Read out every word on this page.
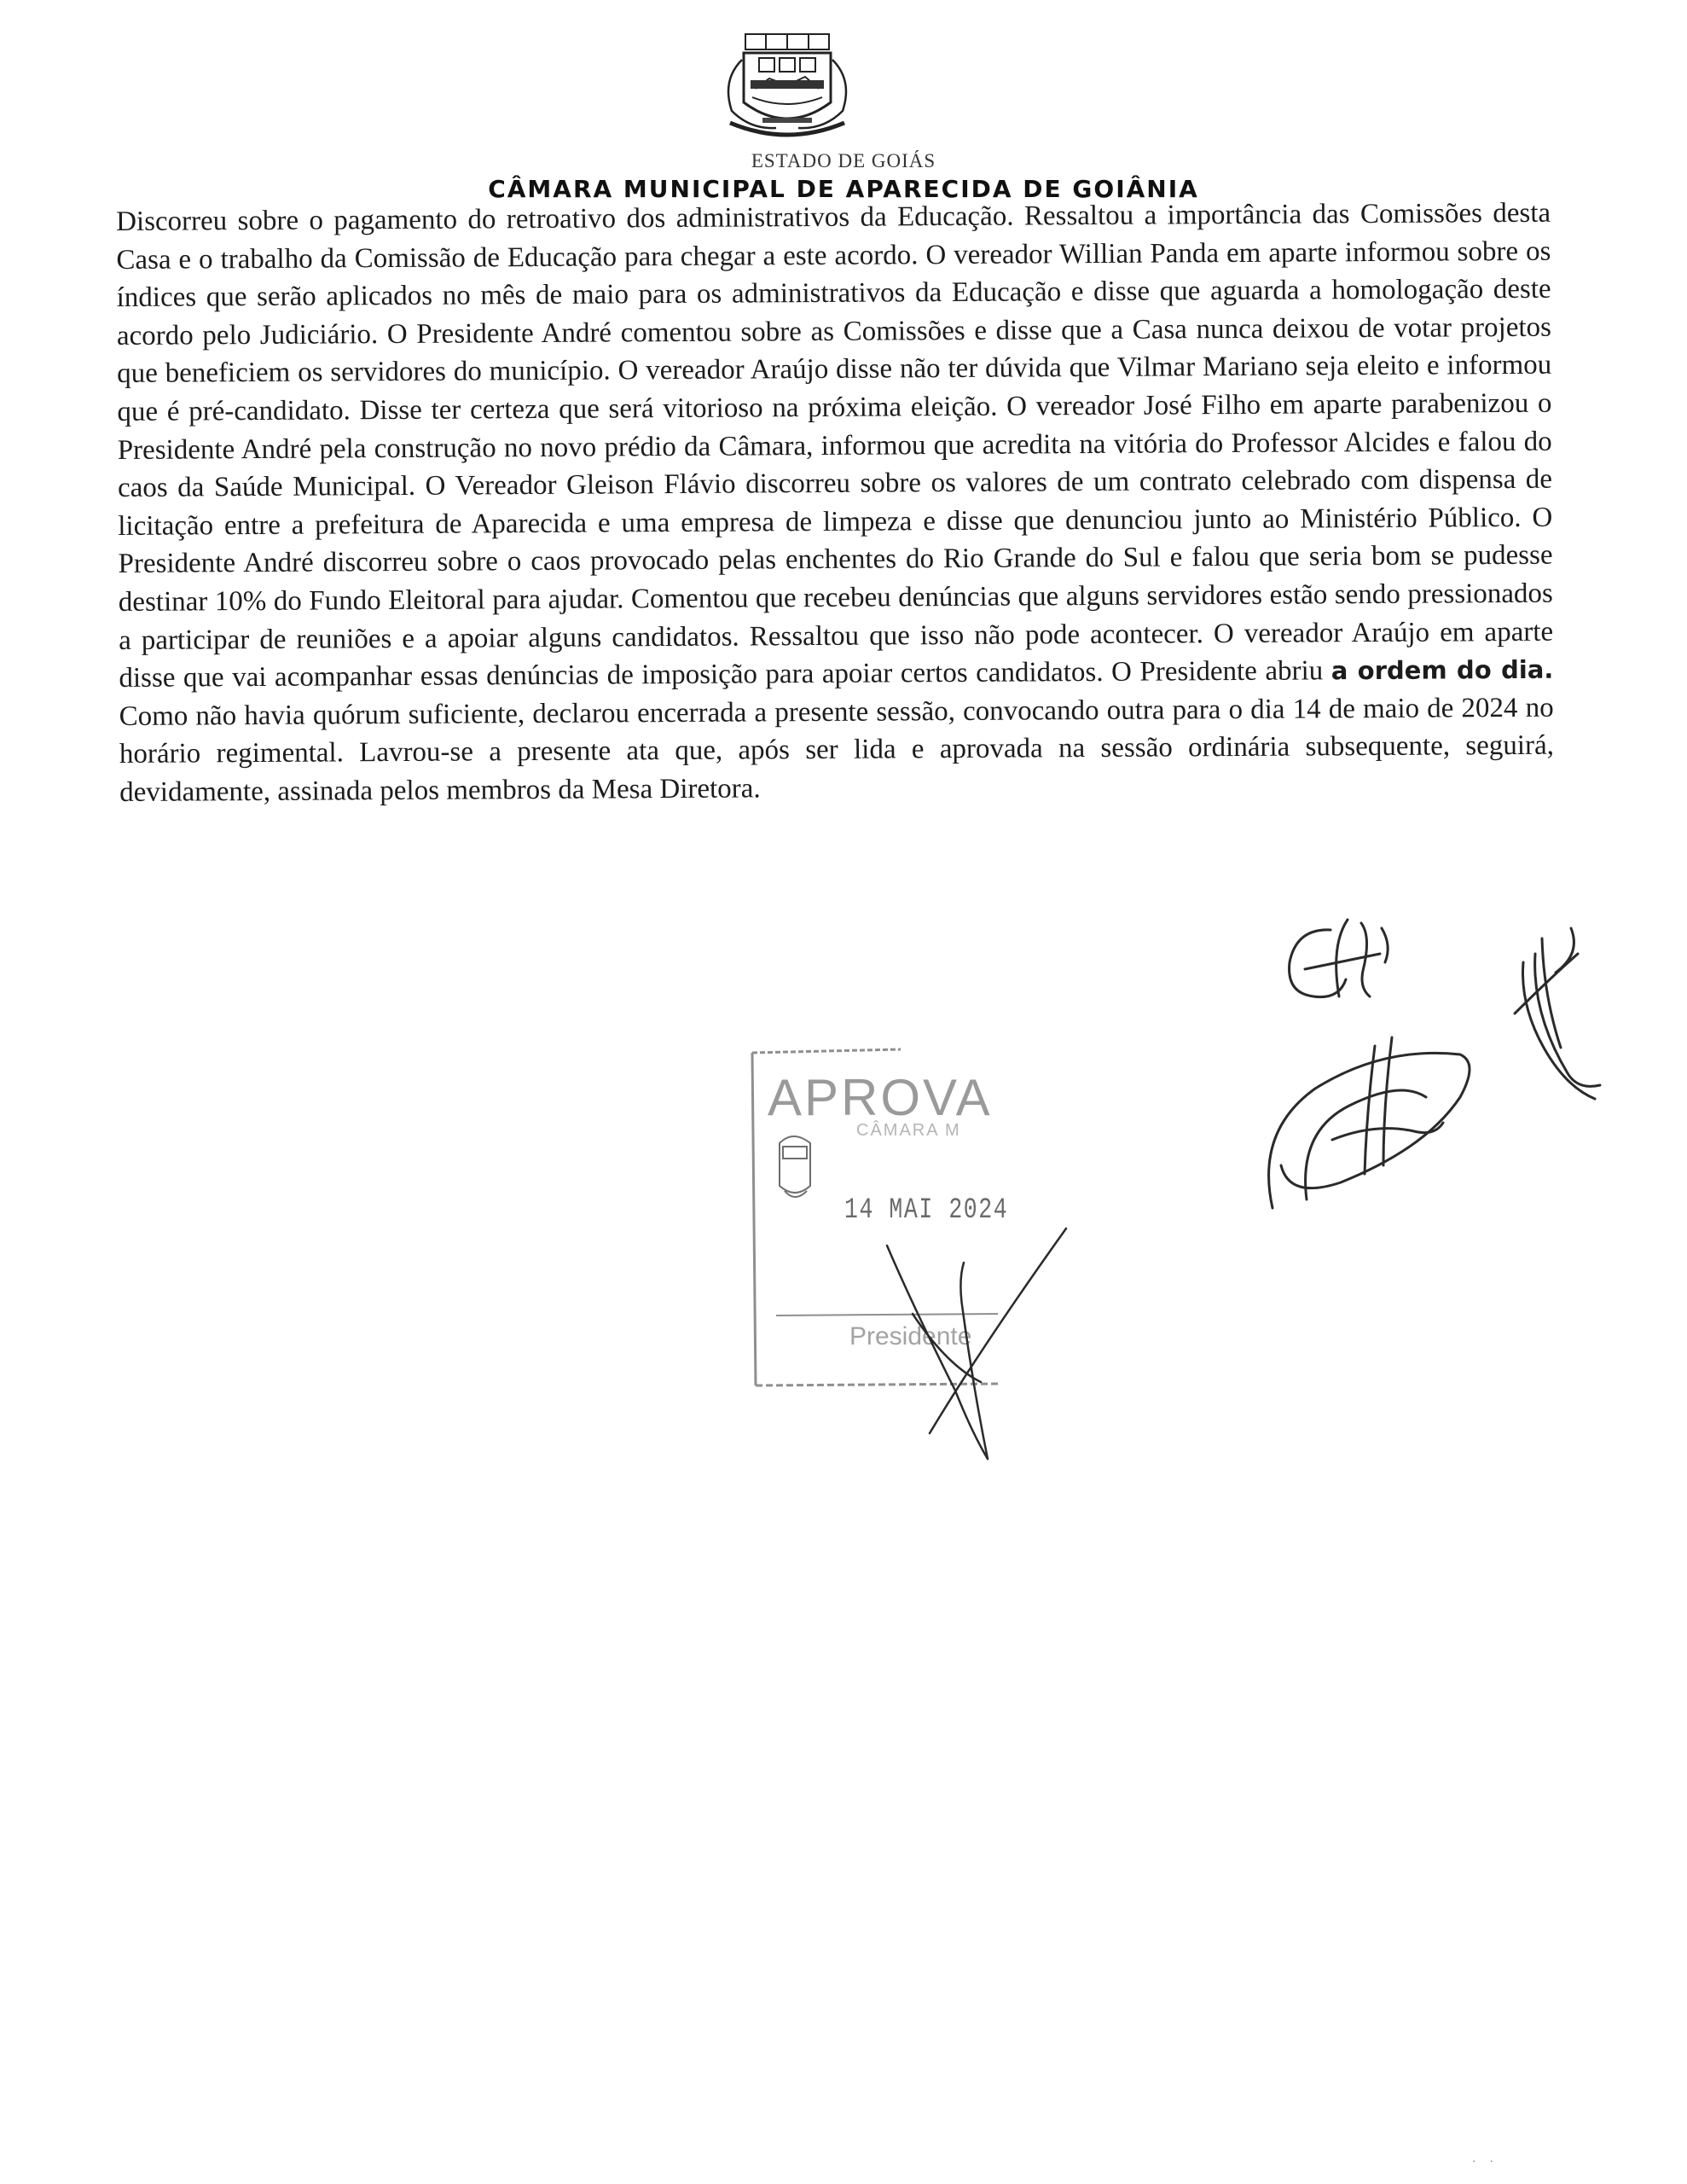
ESTADO DE GOIÁS
CÂMARA MUNICIPAL DE APARECIDA DE GOIÂNIA
Discorreu sobre o pagamento do retroativo dos administrativos da Educação. Ressaltou a importância das Comissões desta Casa e o trabalho da Comissão de Educação para chegar a este acordo. O vereador Willian Panda em aparte informou sobre os índices que serão aplicados no mês de maio para os administrativos da Educação e disse que aguarda a homologação deste acordo pelo Judiciário. O Presidente André comentou sobre as Comissões e disse que a Casa nunca deixou de votar projetos que beneficiem os servidores do município. O vereador Araújo disse não ter dúvida que Vilmar Mariano seja eleito e informou que é pré-candidato. Disse ter certeza que será vitorioso na próxima eleição. O vereador José Filho em aparte parabenizou o Presidente André pela construção no novo prédio da Câmara, informou que acredita na vitória do Professor Alcides e falou do caos da Saúde Municipal. O Vereador Gleison Flávio discorreu sobre os valores de um contrato celebrado com dispensa de licitação entre a prefeitura de Aparecida e uma empresa de limpeza e disse que denunciou junto ao Ministério Público. O Presidente André discorreu sobre o caos provocado pelas enchentes do Rio Grande do Sul e falou que seria bom se pudesse destinar 10% do Fundo Eleitoral para ajudar. Comentou que recebeu denúncias que alguns servidores estão sendo pressionados a participar de reuniões e a apoiar alguns candidatos. Ressaltou que isso não pode acontecer. O vereador Araújo em aparte disse que vai acompanhar essas denúncias de imposição para apoiar certos candidatos. O Presidente abriu a ordem do dia. Como não havia quórum suficiente, declarou encerrada a presente sessão, convocando outra para o dia 14 de maio de 2024 no horário regimental. Lavrou-se a presente ata que, após ser lida e aprovada na sessão ordinária subsequente, seguirá, devidamente, assinada pelos membros da Mesa Diretora.
APROVA
CÂMARA M
14 MAI 2024
Presidente
· ·
